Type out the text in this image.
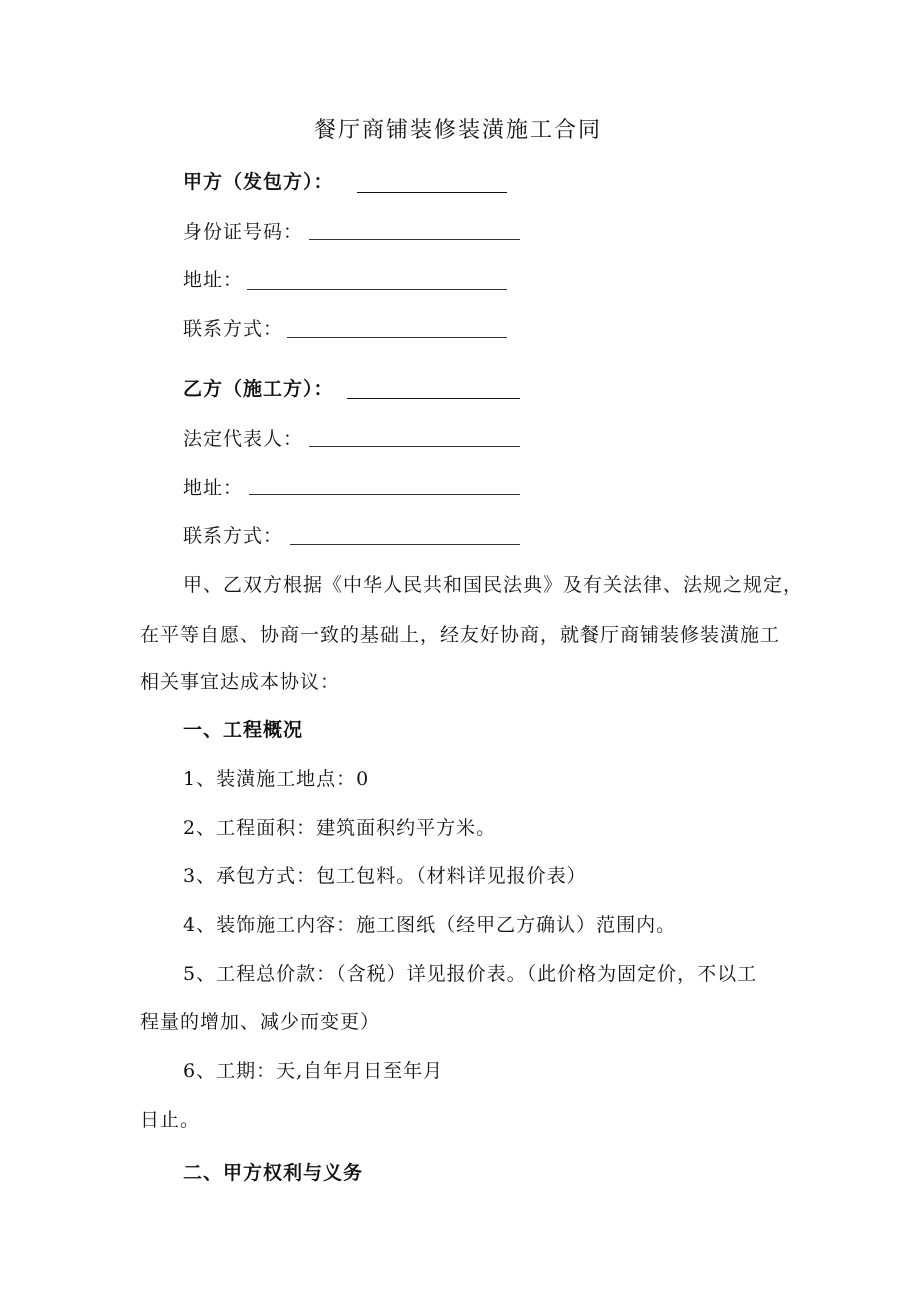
餐厅商铺装修装潢施工合同
甲方（发包方）：
身份证号码：
地址：
联系方式：
乙方（施工方）：
法定代表人：
地址：
联系方式：
甲、乙双方根据《中华人民共和国民法典》及有关法律、法规之规定，
在平等自愿、协商一致的基础上，经友好协商，就餐厅商铺装修装潢施工
相关事宜达成本协议：
一、工程概况
1、装潢施工地点：0
2、工程面积：建筑面积约平方米。
3、承包方式：包工包料。（材料详见报价表）
4、装饰施工内容：施工图纸（经甲乙方确认）范围内。
5、工程总价款：（含税）详见报价表。（此价格为固定价，不以工
程量的增加、减少而变更）
6、工期：天,自年月日至年月
日止。
二、甲方权利与义务
